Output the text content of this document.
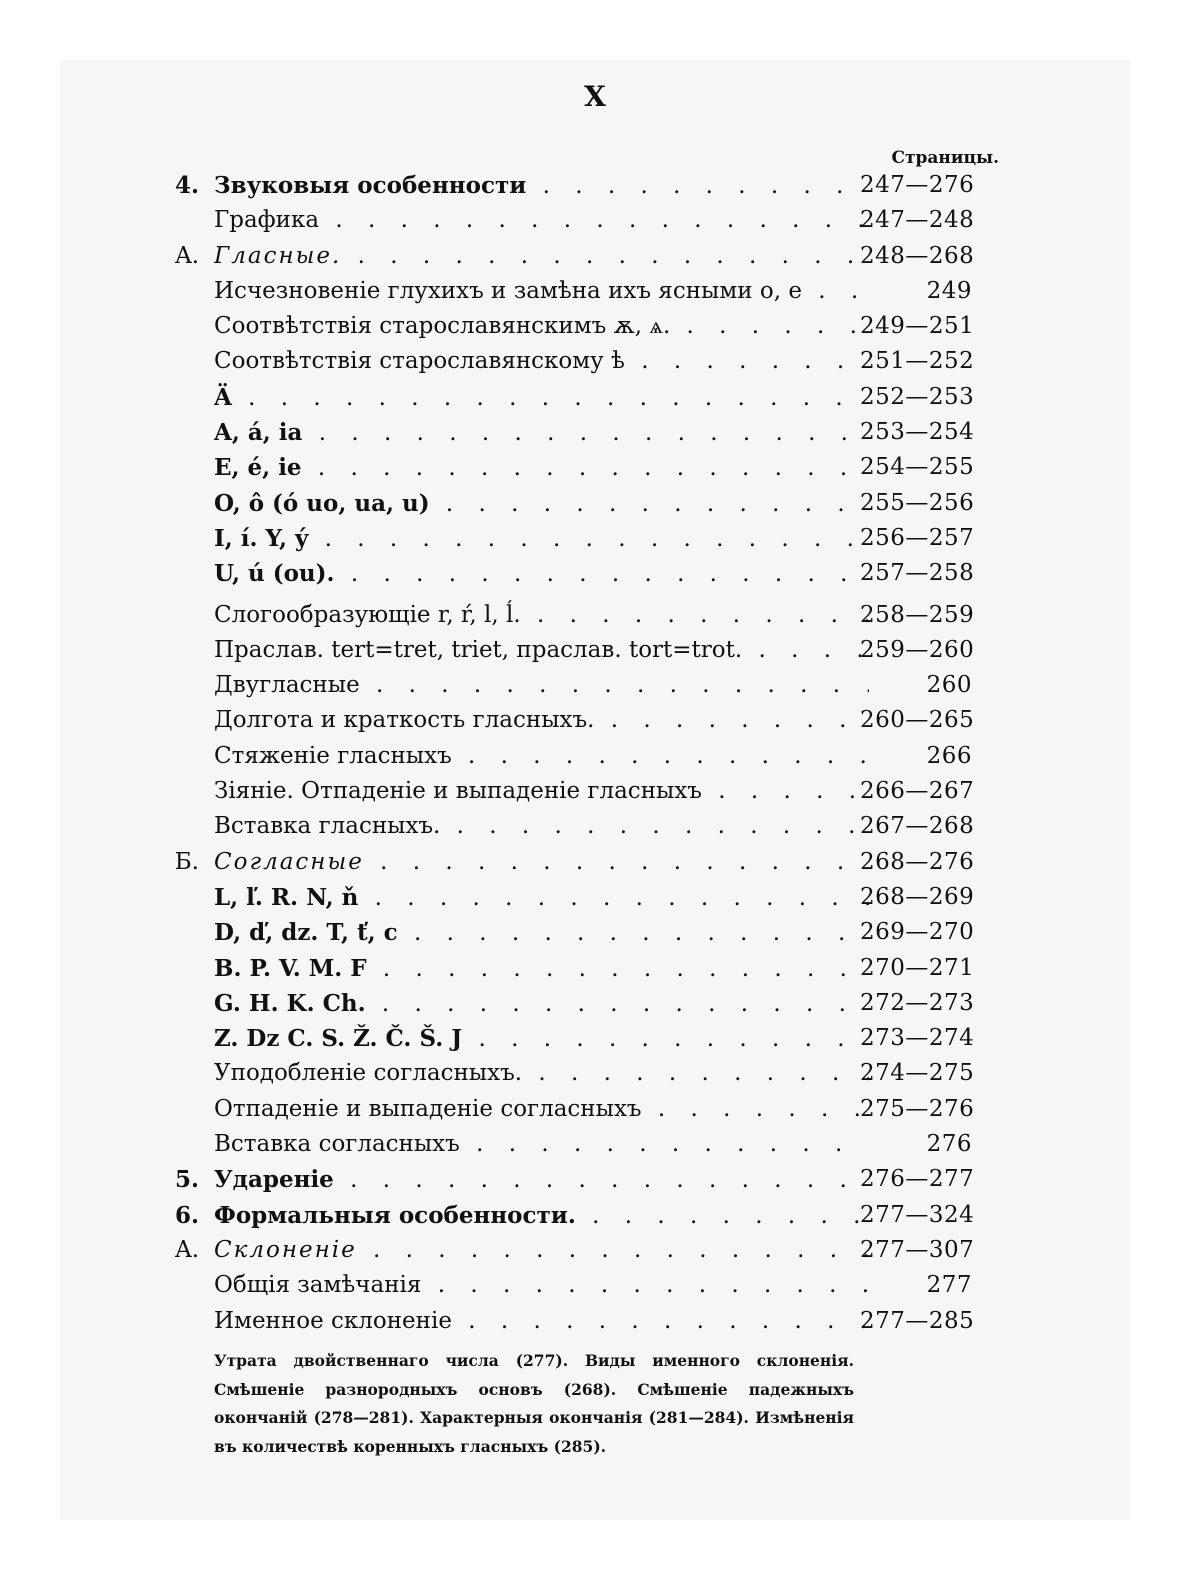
X
Страницы.
4. Звуковыя особенности . . .	247—276
Графика . . .	247—248
A. Гласные. . . .	248—268
Исчезновеніе глухихъ и замѣна ихъ ясными о, е . . .	249
Соотвѣтствія старославянскимъ ѫ, ѧ. . . .	249—251
Соотвѣтствія старославянскому ѣ . . .	251—252
Ä . . .	252—253
A, á, ia . . .	253—254
E, é, ie . . .	254—255
O, ô (ó uo, ua, u) . . .	255—256
I, í. Y, ý . . .	256—257
U, ú (ou). . . .	257—258
Слогообразующіе r, ŕ, l, ĺ. . . .	258—259
Праслав. tert=tret, triet, праслав. tort=trot. . . .	259—260
Двугласные . . .	260
Долгота и краткость гласныхъ. . . .	260—265
Стяженіе гласныхъ . . .	266
Зіяніе. Отпаденіе и выпаденіе гласныхъ . . .	266—267
Вставка гласныхъ. . . .	267—268
Б. Согласные . . .	268—276
L, ľ. R. N, ň . . .	268—269
D, ď, dz. T, ť, c . . .	269—270
B. P. V. M. F . . .	270—271
G. H. K. Ch. . . .	272—273
Z. Dz C. S. Ž. Č. Š. J . . .	273—274
Уподобленіе согласныхъ. . . .	274—275
Отпаденіе и выпаденіе согласныхъ . . .	275—276
Вставка согласныхъ . . .	276
5. Удареніе . . .	276—277
6. Формальныя особенности. . . .	277—324
A. Склоненіе . . .	277—307
Общія замѣчанія . . .	277
Именное склоненіе . . .	277—285
Утрата двойственнаго числа (277). Виды именного склоненія. Смѣшеніе разнородныхъ основъ (268). Смѣшеніе падежныхъ окончаній (278—281). Характерныя окончанія (281—284). Измѣненія въ количествѣ коренныхъ гласныхъ (285).
